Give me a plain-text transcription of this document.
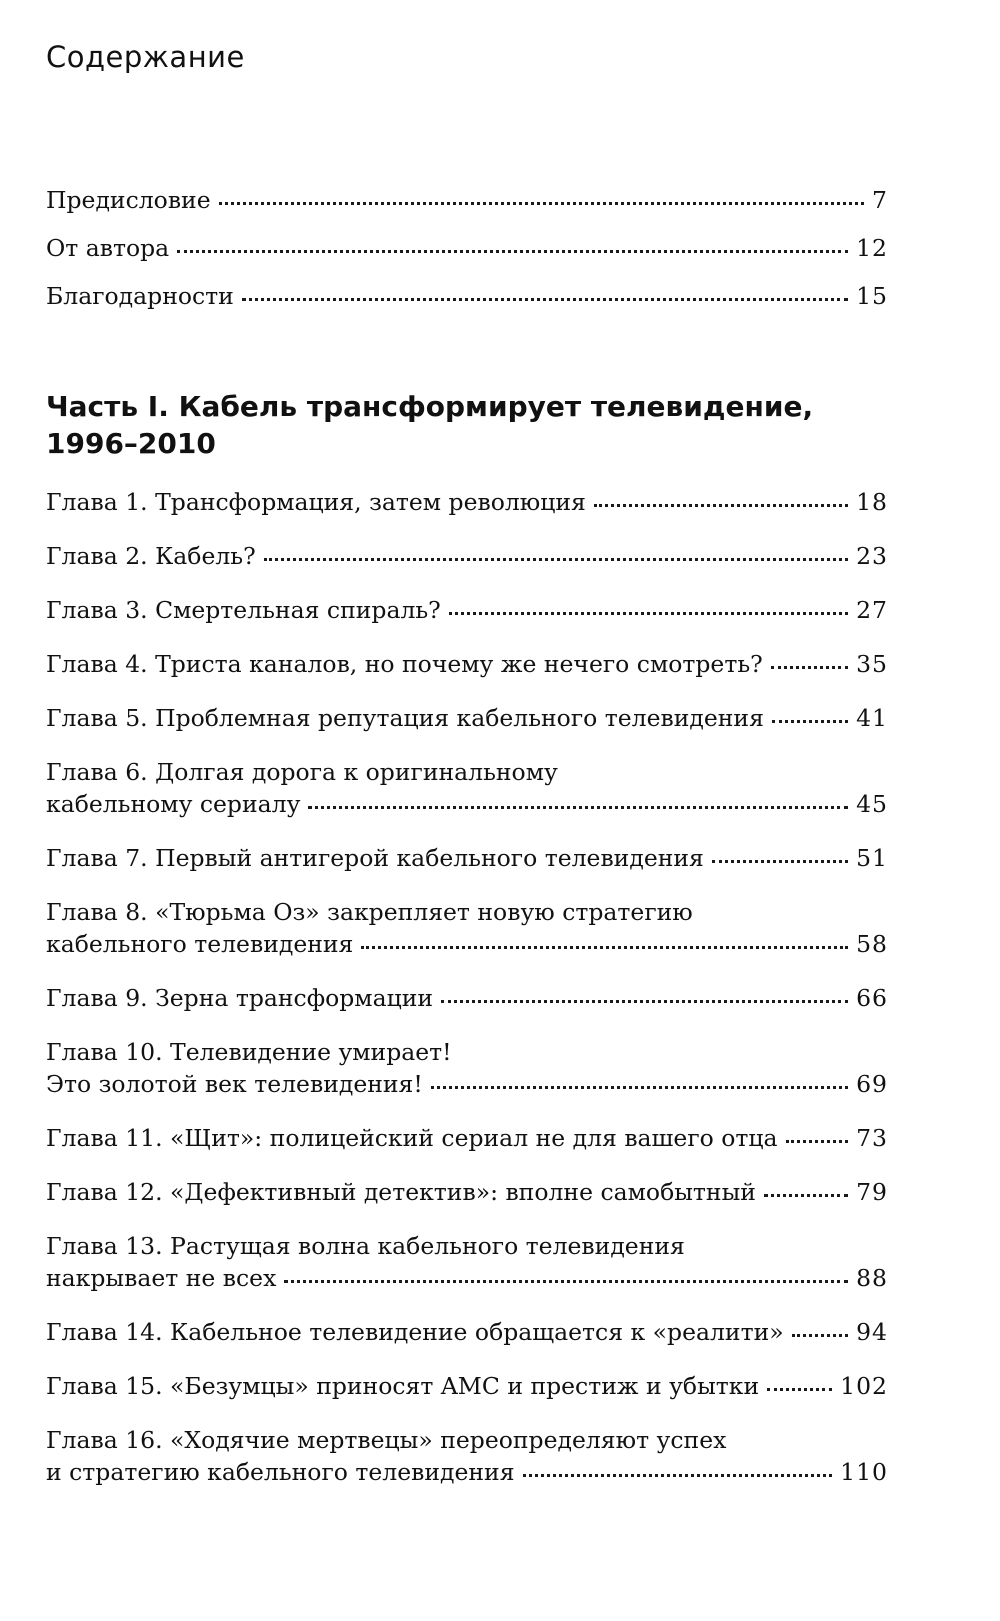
Содержание
Предисловие	7
От автора	12
Благодарности	15
Часть I. Кабель трансформирует телевидение,
1996–2010
Глава 1. Трансформация, затем революция	18
Глава 2. Кабель?	23
Глава 3. Смертельная спираль?	27
Глава 4. Триста каналов, но почему же нечего смотреть?	35
Глава 5. Проблемная репутация кабельного телевидения	41
Глава 6. Долгая дорога к оригинальному
кабельному сериалу	45
Глава 7. Первый антигерой кабельного телевидения	51
Глава 8. «Тюрьма Оз» закрепляет новую стратегию
кабельного телевидения	58
Глава 9. Зерна трансформации	66
Глава 10. Телевидение умирает!
Это золотой век телевидения!	69
Глава 11. «Щит»: полицейский сериал не для вашего отца	73
Глава 12. «Дефективный детектив»: вполне самобытный	79
Глава 13. Растущая волна кабельного телевидения
накрывает не всех	88
Глава 14. Кабельное телевидение обращается к «реалити»	94
Глава 15. «Безумцы» приносят AMC и престиж и убытки	102
Глава 16. «Ходячие мертвецы» переопределяют успех
и стратегию кабельного телевидения	110
